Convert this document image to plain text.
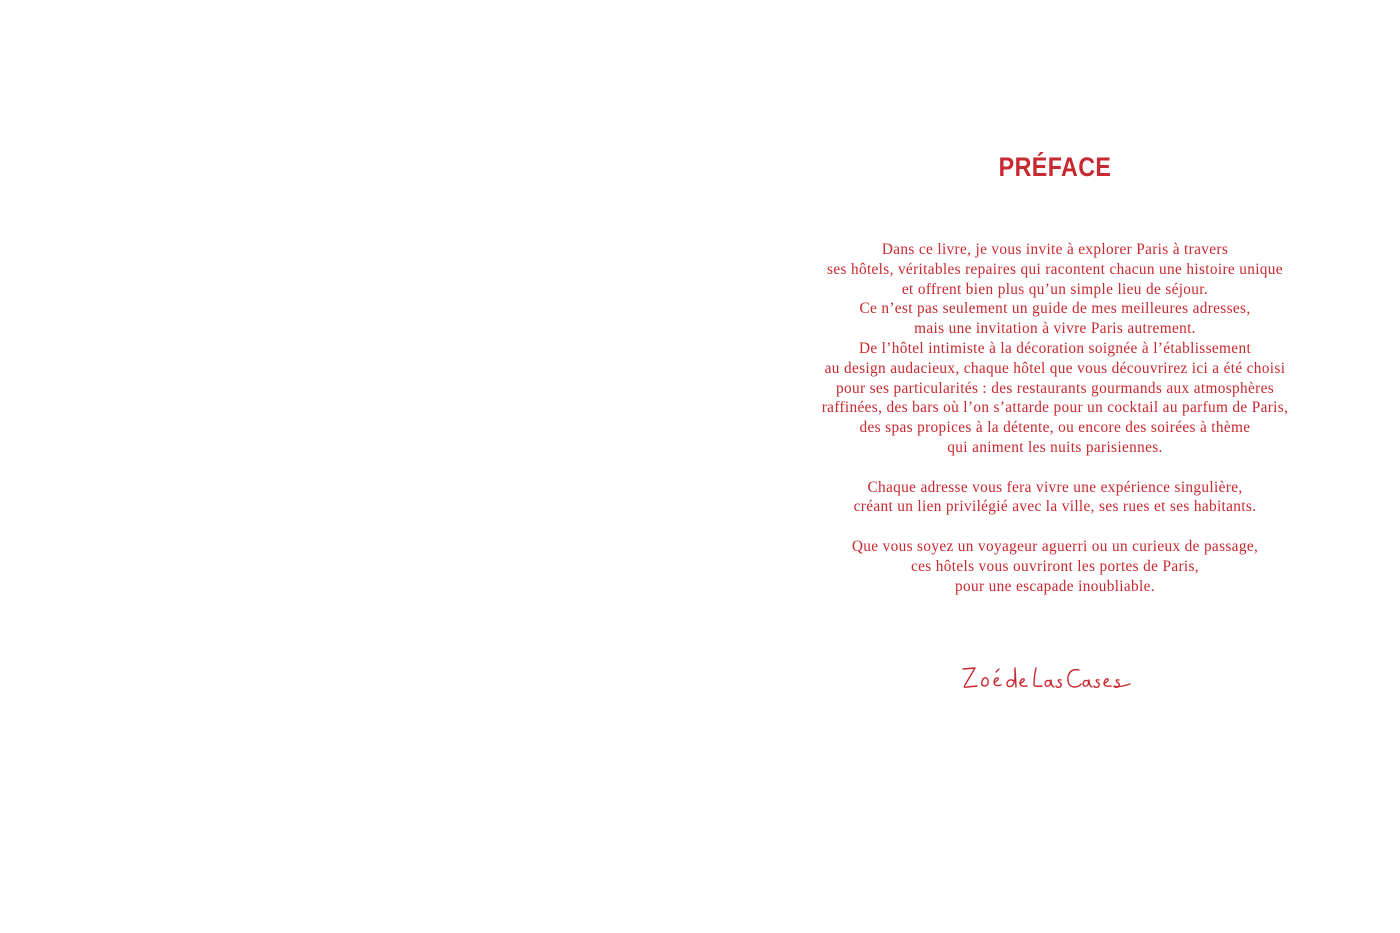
PRÉFACE
Dans ce livre, je vous invite à explorer Paris à travers
ses hôtels, véritables repaires qui racontent chacun une histoire unique
et offrent bien plus qu’un simple lieu de séjour.
Ce n’est pas seulement un guide de mes meilleures adresses,
mais une invitation à vivre Paris autrement.
De l’hôtel intimiste à la décoration soignée à l’établissement
au design audacieux, chaque hôtel que vous découvrirez ici a été choisi
pour ses particularités : des restaurants gourmands aux atmosphères
raffinées, des bars où l’on s’attarde pour un cocktail au parfum de Paris,
des spas propices à la détente, ou encore des soirées à thème
qui animent les nuits parisiennes.
Chaque adresse vous fera vivre une expérience singulière,
créant un lien privilégié avec la ville, ses rues et ses habitants.
Que vous soyez un voyageur aguerri ou un curieux de passage,
ces hôtels vous ouvriront les portes de Paris,
pour une escapade inoubliable.
